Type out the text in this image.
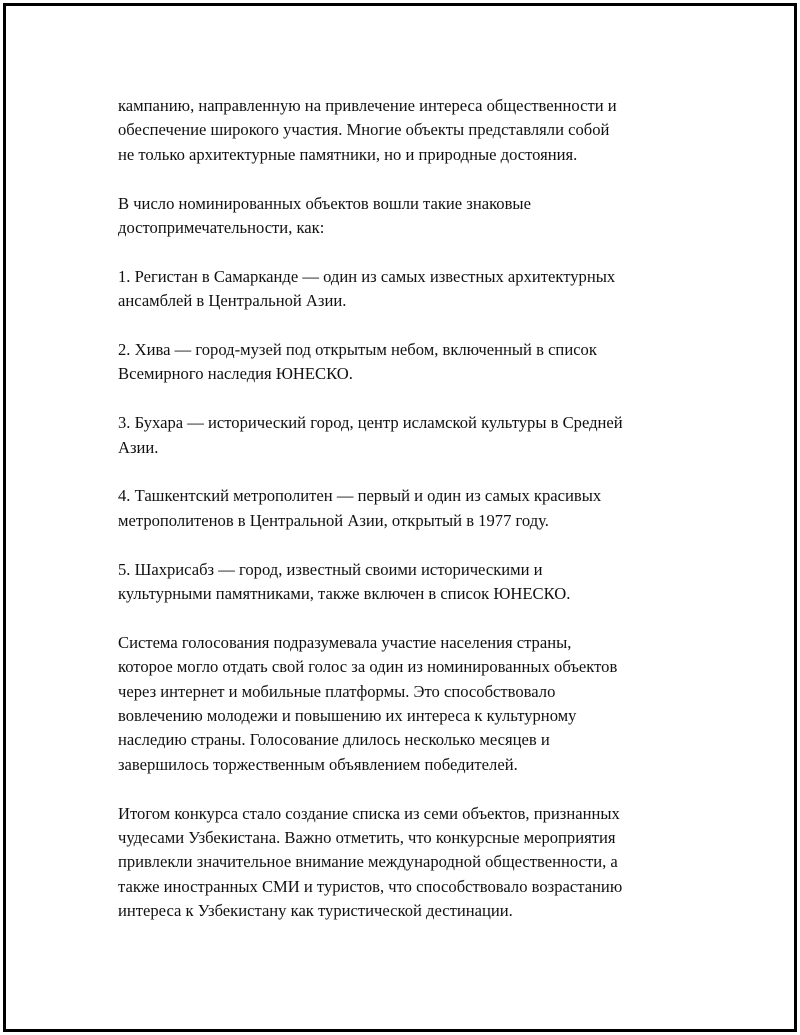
кампанию, направленную на привлечение интереса общественности и
обеспечение широкого участия. Многие объекты представляли собой
не только архитектурные памятники, но и природные достояния.

В число номинированных объектов вошли такие знаковые
достопримечательности, как:

1. Регистан в Самарканде — один из самых известных архитектурных
ансамблей в Центральной Азии.

2. Хива — город-музей под открытым небом, включенный в список
Всемирного наследия ЮНЕСКО.

3. Бухара — исторический город, центр исламской культуры в Средней
Азии.

4. Ташкентский метрополитен — первый и один из самых красивых
метрополитенов в Центральной Азии, открытый в 1977 году.

5. Шахрисабз — город, известный своими историческими и
культурными памятниками, также включен в список ЮНЕСКО.

Система голосования подразумевала участие населения страны,
которое могло отдать свой голос за один из номинированных объектов
через интернет и мобильные платформы. Это способствовало
вовлечению молодежи и повышению их интереса к культурному
наследию страны. Голосование длилось несколько месяцев и
завершилось торжественным объявлением победителей.

Итогом конкурса стало создание списка из семи объектов, признанных
чудесами Узбекистана. Важно отметить, что конкурсные мероприятия
привлекли значительное внимание международной общественности, а
также иностранных СМИ и туристов, что способствовало возрастанию
интереса к Узбекистану как туристической дестинации.
